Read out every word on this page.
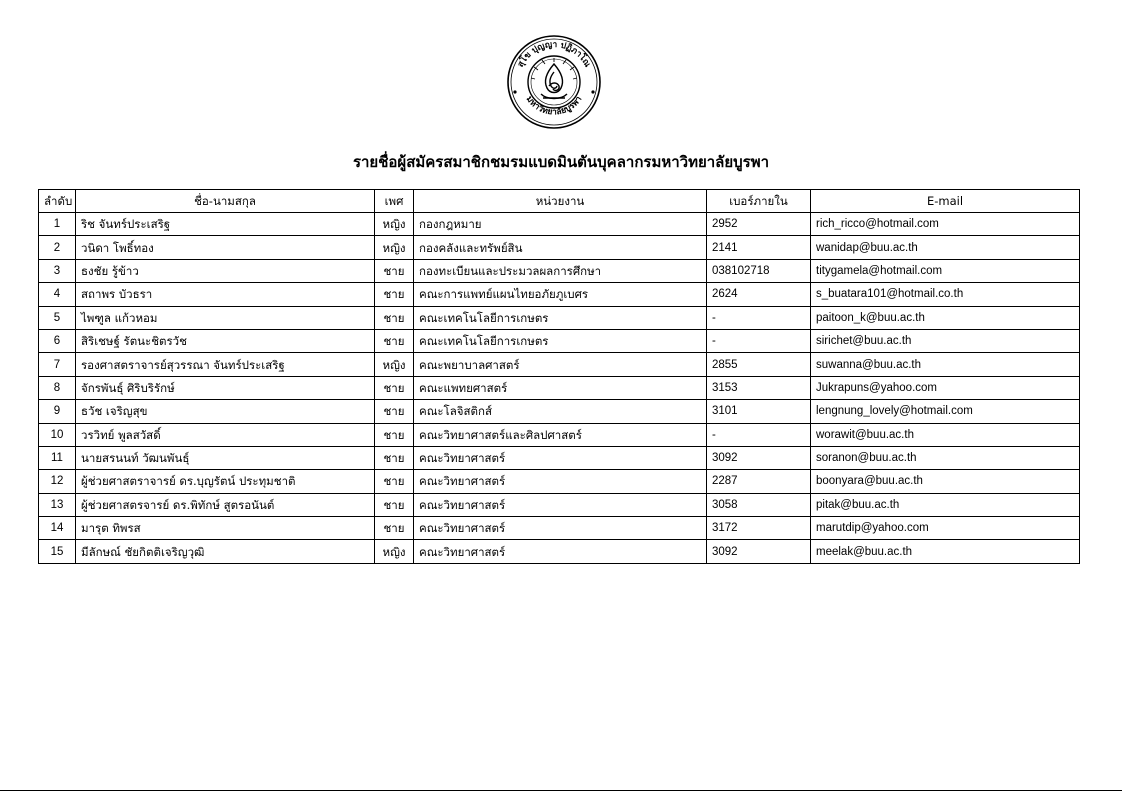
สุโข ปุญญา ปฏิภาโณ
มหาวิทยาลัยบูรพา
รายชื่อผู้สมัครสมาชิกชมรมแบดมินตันบุคลากรมหาวิทยาลัยบูรพา
ลำดับ	ชื่อ-นามสกุล	เพศ	หน่วยงาน	เบอร์ภายใน	E-mail
1	ริช จันทร์ประเสริฐ	หญิง	กองกฎหมาย	2952	rich_ricco@hotmail.com
2	วนิดา โพธิ์ทอง	หญิง	กองคลังและทรัพย์สิน	2141	wanidap@buu.ac.th
3	ธงชัย รู้ข้าว	ชาย	กองทะเบียนและประมวลผลการศึกษา	038102718	titygamela@hotmail.com
4	สถาพร บัวธรา	ชาย	คณะการแพทย์แผนไทยอภัยภูเบศร	2624	s_buatara101@hotmail.co.th
5	ไพฑูล แก้วหอม	ชาย	คณะเทคโนโลยีการเกษตร	-	paitoon_k@buu.ac.th
6	สิริเชษฐ์ รัตนะชิตรวัช	ชาย	คณะเทคโนโลยีการเกษตร	-	sirichet@buu.ac.th
7	รองศาสตราจารย์สุวรรณา จันทร์ประเสริฐ	หญิง	คณะพยาบาลศาสตร์	2855	suwanna@buu.ac.th
8	จักรพันธุ์ ศิริบริรักษ์	ชาย	คณะแพทยศาสตร์	3153	Jukrapuns@yahoo.com
9	ธวัช เจริญสุข	ชาย	คณะโลจิสติกส์	3101	lengnung_lovely@hotmail.com
10	วรวิทย์ พูลสวัสดิ์	ชาย	คณะวิทยาศาสตร์และศิลปศาสตร์	-	worawit@buu.ac.th
11	นายสรนนท์ วัฒนพันธุ์	ชาย	คณะวิทยาศาสตร์	3092	soranon@buu.ac.th
12	ผู้ช่วยศาสตราจารย์ ดร.บุญรัตน์ ประทุมชาติ	ชาย	คณะวิทยาศาสตร์	2287	boonyara@buu.ac.th
13	ผู้ช่วยศาสตรจารย์ ดร.พิทักษ์ สูตรอนันต์	ชาย	คณะวิทยาศาสตร์	3058	pitak@buu.ac.th
14	มารุต ทิพรส	ชาย	คณะวิทยาศาสตร์	3172	marutdip@yahoo.com
15	มีลักษณ์ ชัยกิตติเจริญวุฒิ	หญิง	คณะวิทยาศาสตร์	3092	meelak@buu.ac.th
